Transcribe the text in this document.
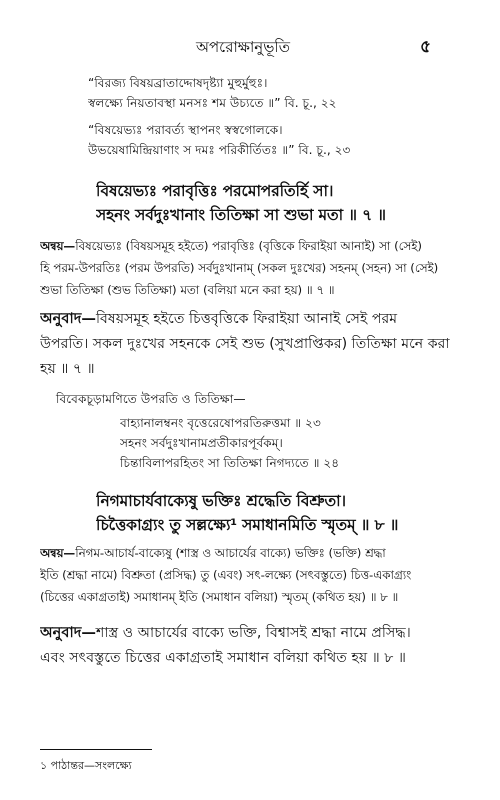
অপরোক্ষানুভূতি	৫
“বিরজ্য বিষয়ব্রাতাদ্দোষদৃষ্ট্যা মুহুর্মুহুঃ।
স্বলক্ষ্যে নিয়তাবস্থা মনসঃ শম উচ্যতে ॥” বি. চূ., ২২
“বিষয়েভ্যঃ পরাবর্ত্য স্থাপনং স্বস্বগোলকে।
উভয়েষামিন্দ্রিয়াণাং স দমঃ পরিকীর্তিতঃ ॥” বি. চূ., ২৩
বিষয়েভ্যঃ পরাবৃত্তিঃ পরমোপরতির্হি সা।
সহনং সর্বদুঃখানাং তিতিক্ষা সা শুভা মতা ॥ ৭ ॥
অন্বয়—বিষয়েভ্যঃ (বিষয়সমূহ হইতে) পরাবৃত্তিঃ (বৃত্তিকে ফিরাইয়া আনাই) সা (সেই)
হি পরম-উপরতিঃ (পরম উপরতি) সর্বদুঃখানাম্‌ (সকল দুঃখের) সহনম্‌ (সহন) সা (সেই)
শুভা তিতিক্ষা (শুভ তিতিক্ষা) মতা (বলিয়া মনে করা হয়) ॥ ৭ ॥
অনুবাদ—বিষয়সমূহ হইতে চিত্তবৃত্তিকে ফিরাইয়া আনাই সেই পরম
উপরতি। সকল দুঃখের সহনকে সেই শুভ (সুখপ্রাপ্তিকর) তিতিক্ষা মনে করা
হয় ॥ ৭ ॥
বিবেকচূড়ামণিতে উপরতি ও তিতিক্ষা—
বাহ্যানালম্বনং বৃত্তেরেষোপরতিরুত্তমা ॥ ২৩
সহনং সর্বদুঃখানামপ্রতীকারপূর্বকম্‌।
চিন্তাবিলাপরহিতং সা তিতিক্ষা নিগদ্যতে ॥ ২৪
নিগমাচার্যবাক্যেষু ভক্তিঃ শ্রদ্ধেতি বিশ্রুতা।
চিত্তৈকাগ্র্যং তু সল্লক্ষ্যে¹ সমাধানমিতি স্মৃতম্‌ ॥ ৮ ॥
অন্বয়—নিগম-আচার্য-বাক্যেষু (শাস্ত্র ও আচার্যের বাক্যে) ভক্তিঃ (ভক্তি) শ্রদ্ধা
ইতি (শ্রদ্ধা নামে) বিশ্রুতা (প্রসিদ্ধ) তু (এবং) সৎ-লক্ষ্যে (সৎবস্তুতে) চিত্ত-একাগ্র্যং
(চিত্তের একাগ্রতাই) সমাধানম্‌ ইতি (সমাধান বলিয়া) স্মৃতম্‌ (কথিত হয়) ॥ ৮ ॥
অনুবাদ—শাস্ত্র ও আচার্যের বাক্যে ভক্তি, বিশ্বাসই শ্রদ্ধা নামে প্রসিদ্ধ।
এবং সৎবস্তুতে চিত্তের একাগ্রতাই সমাধান বলিয়া কথিত হয় ॥ ৮ ॥
১ পাঠান্তর—সংলক্ষ্যে
